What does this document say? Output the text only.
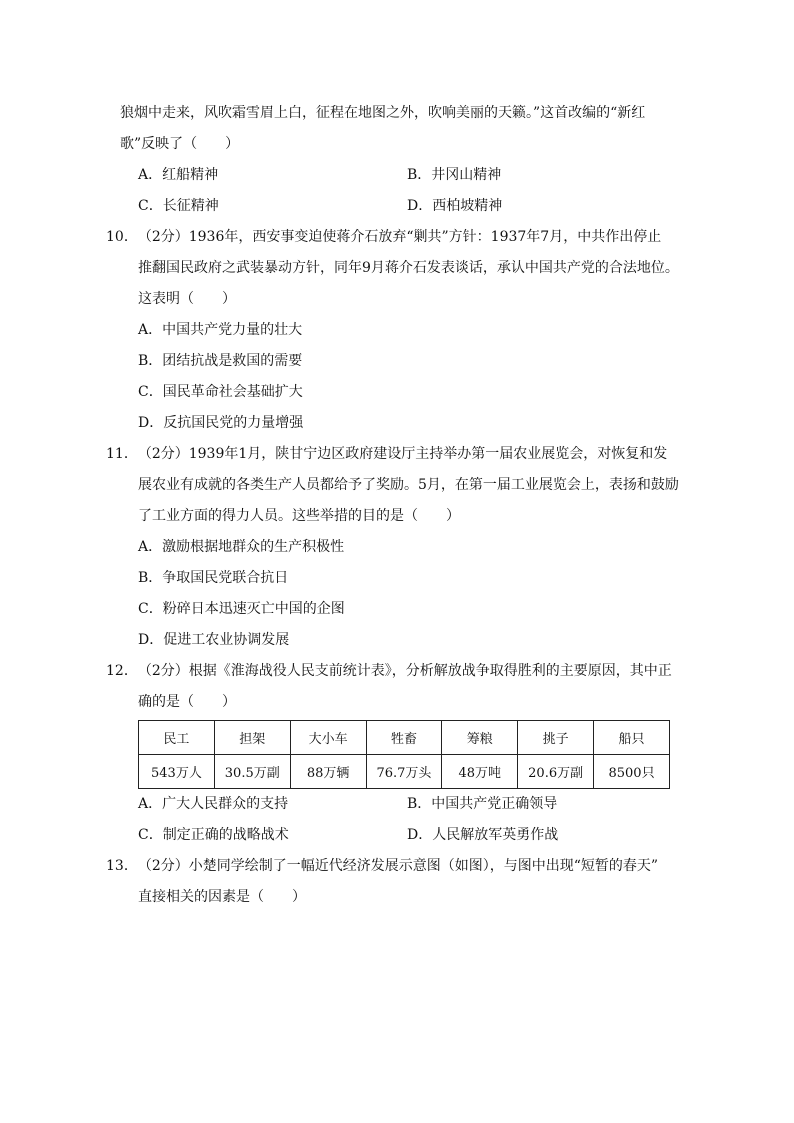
狼烟中走来，风吹霜雪眉上白，征程在地图之外，吹响美丽的天籁。”这首改编的“新红
歌”反映了（　　）
A．红船精神	B．井冈山精神
C．长征精神	D．西柏坡精神
10．（2分）1936年，西安事变迫使蒋介石放弃“剿共”方针：1937年7月，中共作出停止
推翻国民政府之武装暴动方针，同年9月蒋介石发表谈话，承认中国共产党的合法地位。
这表明（　　）
A．中国共产党力量的壮大
B．团结抗战是救国的需要
C．国民革命社会基础扩大
D．反抗国民党的力量增强
11．（2分）1939年1月，陕甘宁边区政府建设厅主持举办第一届农业展览会，对恢复和发
展农业有成就的各类生产人员都给予了奖励。5月，在第一届工业展览会上，表扬和鼓励
了工业方面的得力人员。这些举措的目的是（　　）
A．激励根据地群众的生产积极性
B．争取国民党联合抗日
C．粉碎日本迅速灭亡中国的企图
D．促进工农业协调发展
12．（2分）根据《淮海战役人民支前统计表》，分析解放战争取得胜利的主要原因，其中正
确的是（　　）
民工	担架	大小车	牲畜	筹粮	挑子	船只
543万人	30.5万副	88万辆	76.7万头	48万吨	20.6万副	8500只
A．广大人民群众的支持	B．中国共产党正确领导
C．制定正确的战略战术	D．人民解放军英勇作战
13．（2分）小楚同学绘制了一幅近代经济发展示意图（如图），与图中出现“短暂的春天”
直接相关的因素是（　　）
